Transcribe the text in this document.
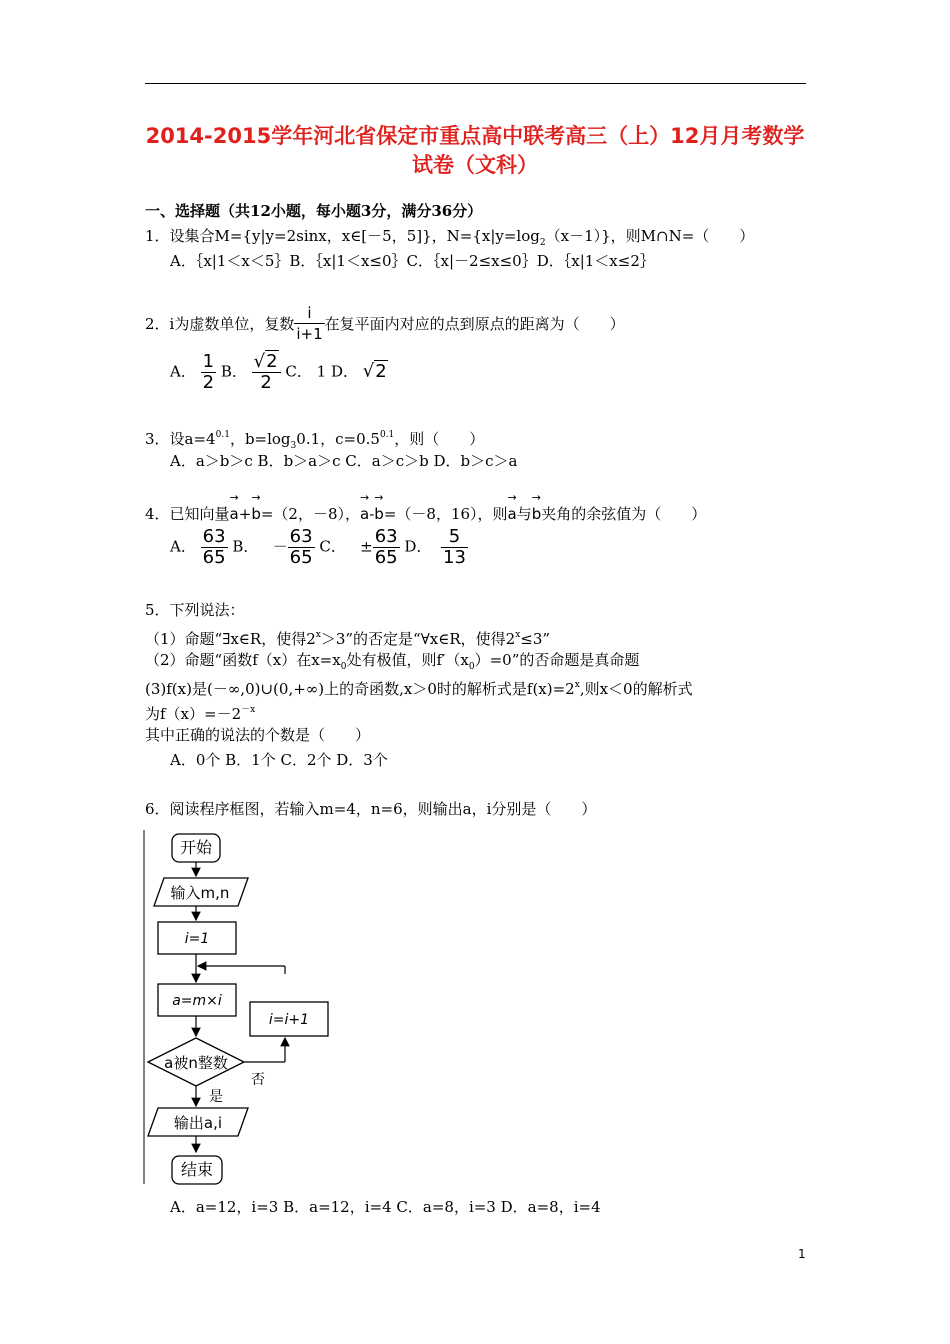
2014-2015学年河北省保定市重点高中联考高三（上）12月月考数学
试卷（文科）
一、选择题（共12小题，每小题3分，满分36分）
1．设集合M={y|y=2sinx，x∈[－5，5]}，$N=\{x|y=\log_2(x-1)\}$，则M∩N=（　　）
A．｛x|1＜x＜5｝B．｛x|1＜x≤0｝C．｛x|－2≤x≤0｝D．｛x|1＜x≤2｝
2．i为虚数单位，复数 $\frac{i}{i+1}$ 在复平面内对应的点到原点的距离为（　　）
A． $\frac{1}{2}$ B． $\frac{√2}{2}$ C． 1 D． √2
3．设$a=4^{0.1}$，$b=\log_30.1$，$c=0.5^{0.1}$，则（　　）
A．a＞b＞c B．b＞a＞c C．a＞c＞b D．b＞c＞a
4．已知向量
→
a+
→
b=（2，－8），
→
a-
→
b=（－8，16），则
→
a与
→
b夹角的余弦值为（　　）
A． $\frac{63}{65}$ B． － $\frac{63}{65}$ C． ± $\frac{63}{65}$ D． $\frac{5}{13}$
5．下列说法：
（1）命题“∃x∈R，使得$2^x>3$”的否定是“∀x∈R，使得$2^x\le 3$”
（2）命题“函数f（x）在$x=x_0$处有极值，则$f'(x_0)=0$”的否命题是真命题
(3)f(x)是(－∞,0)∪(0,+∞)上的奇函数,x＞0时的解析式是$f(x)=2^x$,则x＜0的解析式
为$f(x)=-2^{-x}$
其中正确的说法的个数是（　　）
A．0个 B．1个 C．2个 D．3个
6．阅读程序框图，若输入m=4，n=6，则输出a，i分别是（　　）
开始
输入m,n
i=1
a=m×i
i=i+1
a被n整数
否
是
输出a,i
结束
A．a=12，i=3 B．a=12，i=4 C．a=8，i=3 D．a=8，i=4
1
